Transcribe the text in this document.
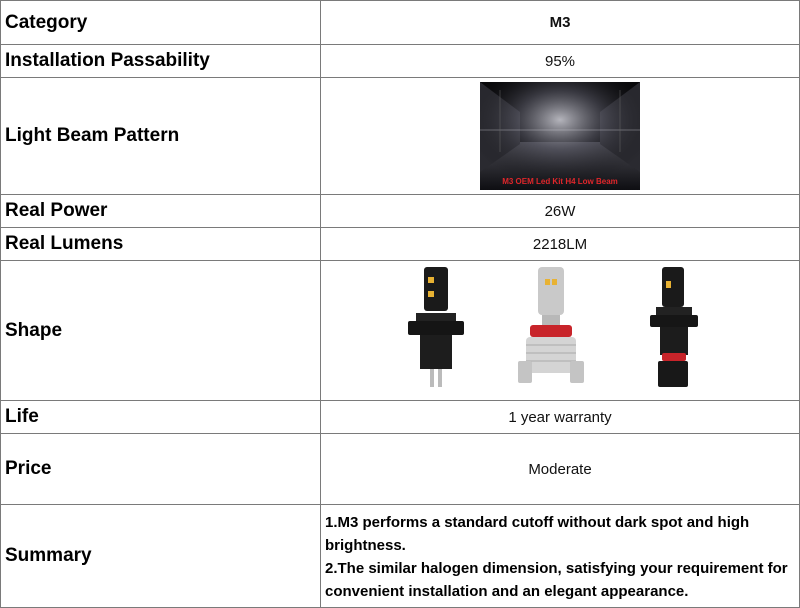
Category	M3
Installation Passability	95%
Light Beam Pattern	M3 OEM Led Kit H4 Low Beam

Real Power	26W
Real Lumens	2218LM
Shape	

Life	1 year warranty
Price	Moderate
Summary	1.M3 performs a standard cutoff without dark spot and high brightness.

2.The similar halogen dimension, satisfying your requirement for convenient installation and an elegant appearance.
